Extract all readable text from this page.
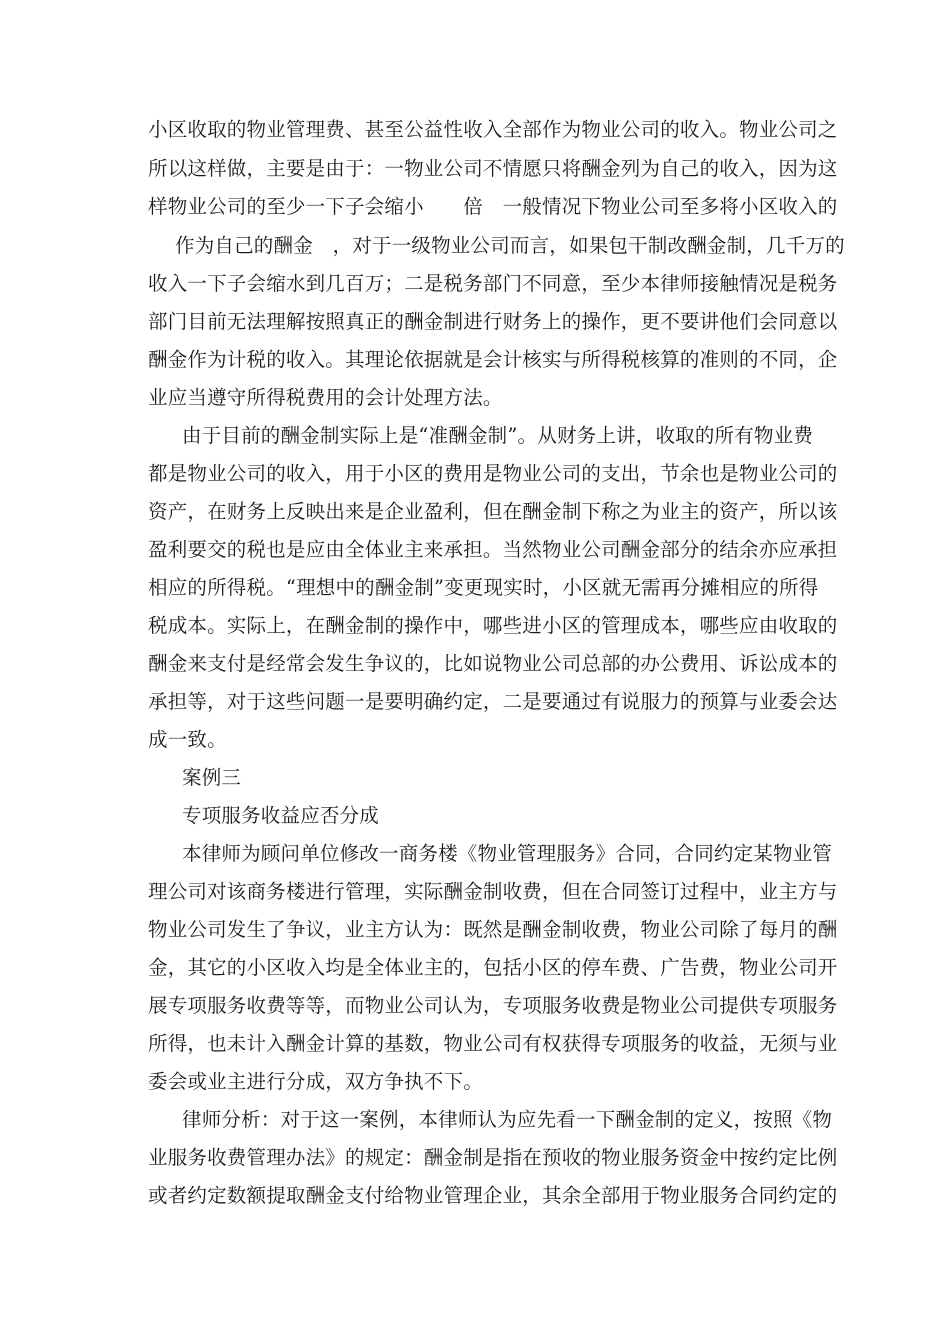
小区收取的物业管理费、甚至公益性收入全部作为物业公司的收入。物业公司之
所以这样做，主要是由于：一物业公司不情愿只将酬金列为自己的收入，因为这
样物业公司的至少一下子会缩小　　倍　一般情况下物业公司至多将小区收入的
作为自己的酬金　，对于一级物业公司而言，如果包干制改酬金制，几千万的
收入一下子会缩水到几百万；二是税务部门不同意，至少本律师接触情况是税务
部门目前无法理解按照真正的酬金制进行财务上的操作，更不要讲他们会同意以
酬金作为计税的收入。其理论依据就是会计核实与所得税核算的准则的不同，企
业应当遵守所得税费用的会计处理方法。
由于目前的酬金制实际上是“准酬金制”。从财务上讲，收取的所有物业费
都是物业公司的收入，用于小区的费用是物业公司的支出，节余也是物业公司的
资产，在财务上反映出来是企业盈利，但在酬金制下称之为业主的资产，所以该
盈利要交的税也是应由全体业主来承担。当然物业公司酬金部分的结余亦应承担
相应的所得税。“理想中的酬金制”变更现实时，小区就无需再分摊相应的所得
税成本。实际上，在酬金制的操作中，哪些进小区的管理成本，哪些应由收取的
酬金来支付是经常会发生争议的，比如说物业公司总部的办公费用、诉讼成本的
承担等，对于这些问题一是要明确约定，二是要通过有说服力的预算与业委会达
成一致。
案例三
专项服务收益应否分成
本律师为顾问单位修改一商务楼《物业管理服务》合同，合同约定某物业管
理公司对该商务楼进行管理，实际酬金制收费，但在合同签订过程中，业主方与
物业公司发生了争议，业主方认为：既然是酬金制收费，物业公司除了每月的酬
金，其它的小区收入均是全体业主的，包括小区的停车费、广告费，物业公司开
展专项服务收费等等，而物业公司认为，专项服务收费是物业公司提供专项服务
所得，也未计入酬金计算的基数，物业公司有权获得专项服务的收益，无须与业
委会或业主进行分成，双方争执不下。
律师分析：对于这一案例，本律师认为应先看一下酬金制的定义，按照《物
业服务收费管理办法》的规定：酬金制是指在预收的物业服务资金中按约定比例
或者约定数额提取酬金支付给物业管理企业，其余全部用于物业服务合同约定的
